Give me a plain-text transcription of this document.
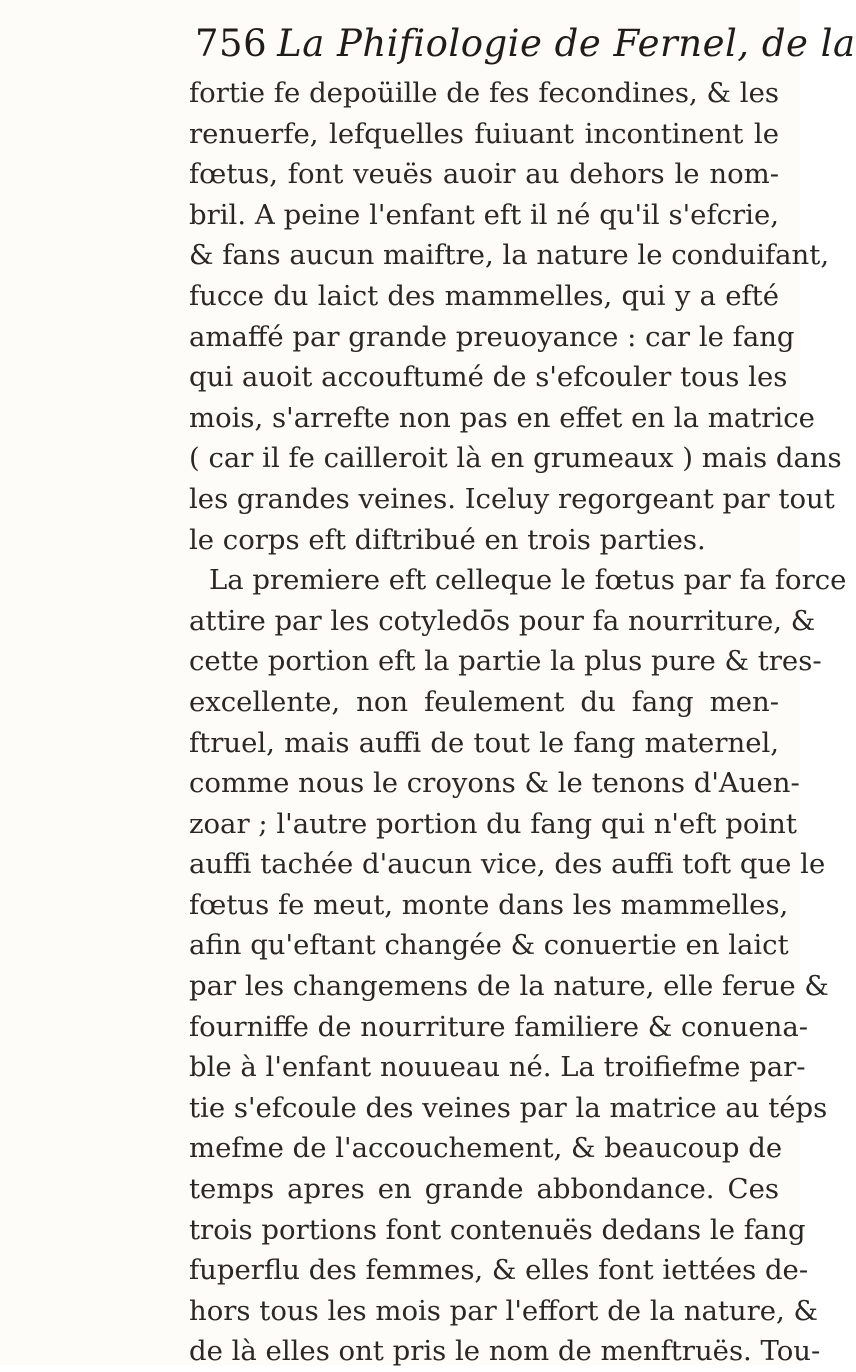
756 La Phifiologie de Fernel, de la
fortie fe depoüille de fes fecondines, & les
renuerfe, lefquelles fuiuant incontinent le
fœtus, font veuës auoir au dehors le nom-
bril. A peine l'enfant eft il né qu'il s'efcrie,
& fans aucun maiftre, la nature le conduifant,
fucce du laict des mammelles, qui y a efté
amaffé par grande preuoyance : car le fang
qui auoit accouftumé de s'efcouler tous les
mois, s'arrefte non pas en effet en la matrice
( car il fe cailleroit là en grumeaux ) mais dans
les grandes veines. Iceluy regorgeant par tout
le corps eft diftribué en trois parties.
La premiere eft celleque le fœtus par fa force
attire par les cotyledōs pour fa nourriture, &
cette portion eft la partie la plus pure & tres-
excellente, non feulement du fang men-
ftruel, mais auffi de tout le fang maternel,
comme nous le croyons & le tenons d'Auen-
zoar ; l'autre portion du fang qui n'eft point
auffi tachée d'aucun vice, des auffi toft que le
fœtus fe meut, monte dans les mammelles,
afin qu'eftant changée & conuertie en laict
par les changemens de la nature, elle ferue &
fourniffe de nourriture familiere & conuena-
ble à l'enfant nouueau né. La troifiefme par-
tie s'efcoule des veines par la matrice au téps
mefme de l'accouchement, & beaucoup de
temps apres en grande abbondance. Ces
trois portions font contenuës dedans le fang
fuperflu des femmes, & elles font iettées de-
hors tous les mois par l'effort de la nature, &
de là elles ont pris le nom de menftruës. Tou-
